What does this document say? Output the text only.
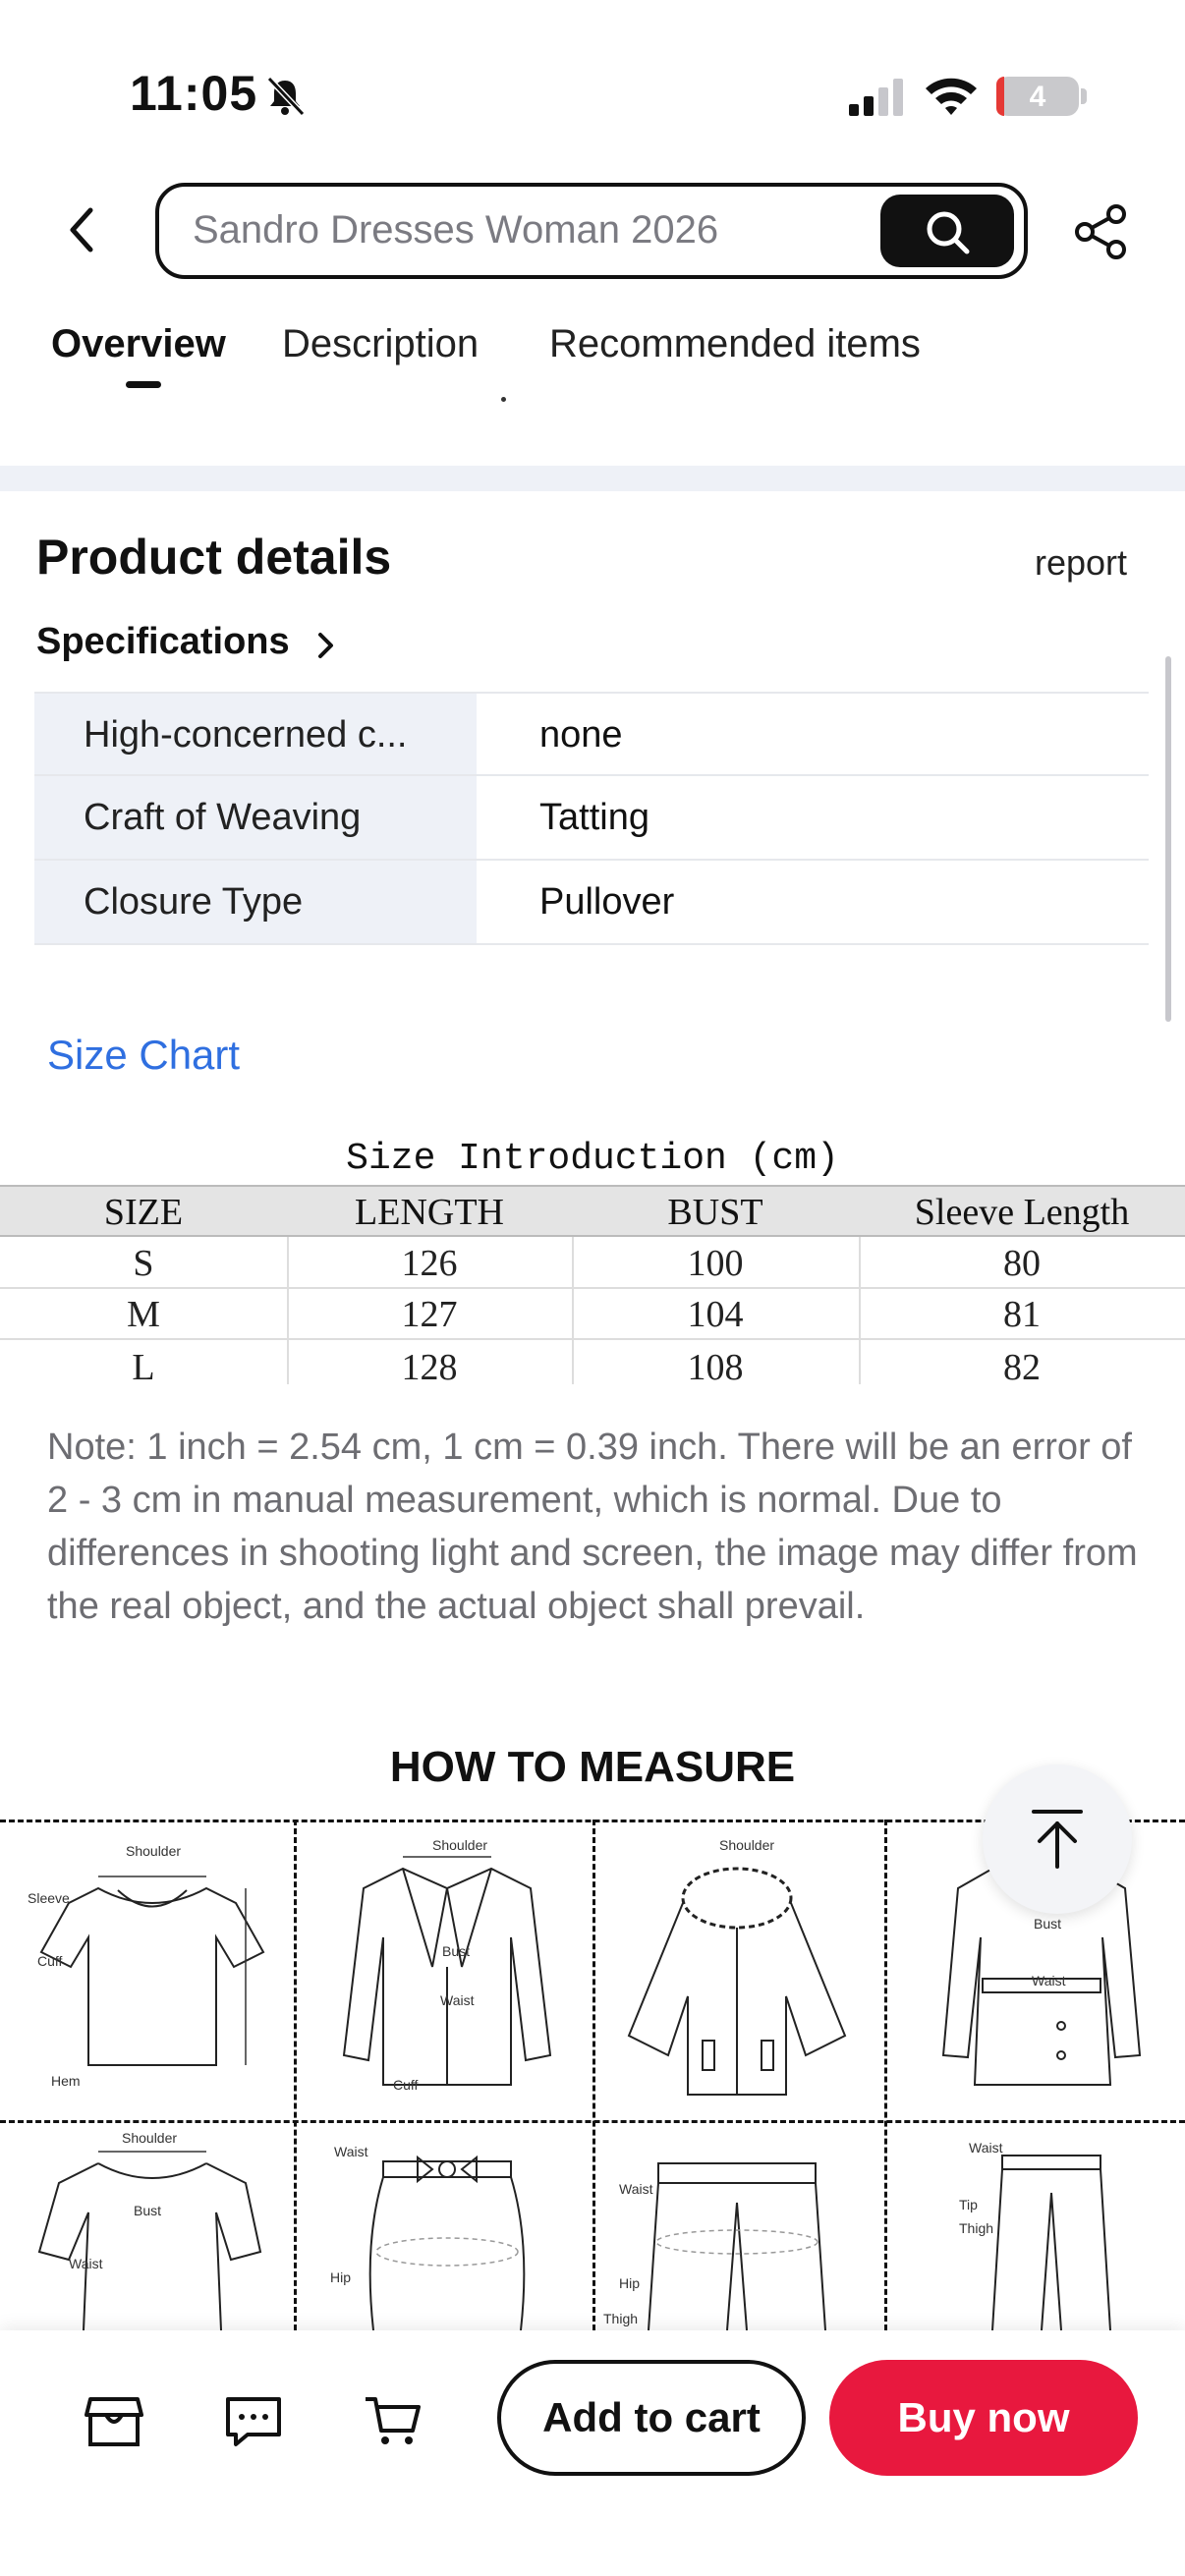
11:05	4
Sandro Dresses Woman 2026
Overview Description Recommended items
Product details	report
Specifications
High-concerned c...	none
Craft of Weaving	Tatting
Closure Type	Pullover
Size Chart
Size Introduction (cm)
SIZE	LENGTH	BUST	Sleeve Length
S	126	100	80
M	127	104	81
L	128	108	82
Note: 1 inch = 2.54 cm, 1 cm = 0.39 inch. There will be an error of 2 - 3 cm in manual measurement, which is normal. Due to differences in shooting light and screen, the image may differ from the real object, and the actual object shall prevail.
HOW TO MEASURE
Shoulder
Sleeve
Cuff
Hem
Shoulder
Bust
Waist
Cuff
Shoulder
Bust
Waist
Shoulder
Bust
Waist
Waist
Hip
Waist
Hip
Thigh
Waist
Tip
Thigh
Add to cart	Buy now
